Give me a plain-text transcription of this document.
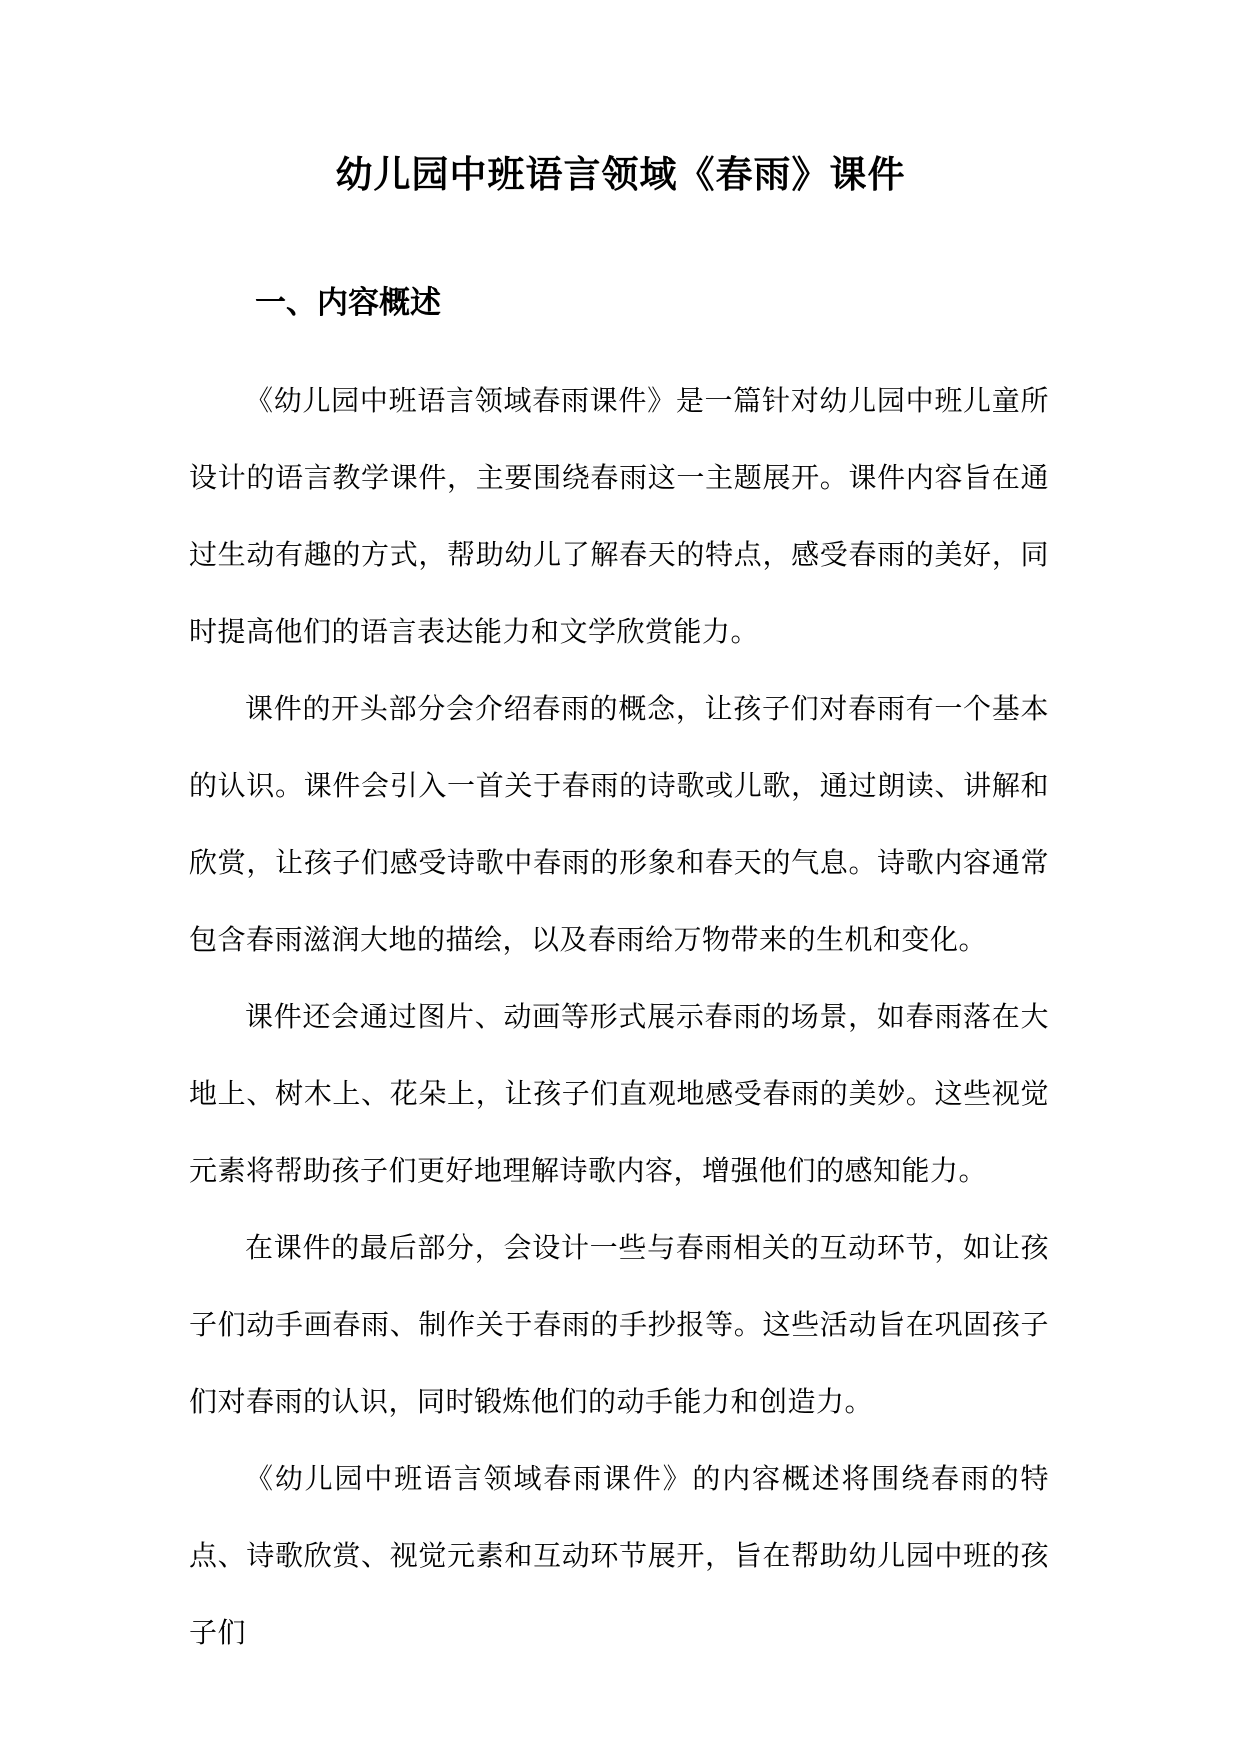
幼儿园中班语言领域《春雨》课件
一、内容概述

《幼儿园中班语言领域春雨课件》是一篇针对幼儿园中班儿童所设计的语言教学课件，主要围绕春雨这一主题展开。课件内容旨在通过生动有趣的方式，帮助幼儿了解春天的特点，感受春雨的美好，同时提高他们的语言表达能力和文学欣赏能力。

课件的开头部分会介绍春雨的概念，让孩子们对春雨有一个基本的认识。课件会引入一首关于春雨的诗歌或儿歌，通过朗读、讲解和欣赏，让孩子们感受诗歌中春雨的形象和春天的气息。诗歌内容通常包含春雨滋润大地的描绘，以及春雨给万物带来的生机和变化。

课件还会通过图片、动画等形式展示春雨的场景，如春雨落在大地上、树木上、花朵上，让孩子们直观地感受春雨的美妙。这些视觉元素将帮助孩子们更好地理解诗歌内容，增强他们的感知能力。

在课件的最后部分，会设计一些与春雨相关的互动环节，如让孩子们动手画春雨、制作关于春雨的手抄报等。这些活动旨在巩固孩子们对春雨的认识，同时锻炼他们的动手能力和创造力。

《幼儿园中班语言领域春雨课件》的内容概述将围绕春雨的特点、诗歌欣赏、视觉元素和互动环节展开，旨在帮助幼儿园中班的孩子们
